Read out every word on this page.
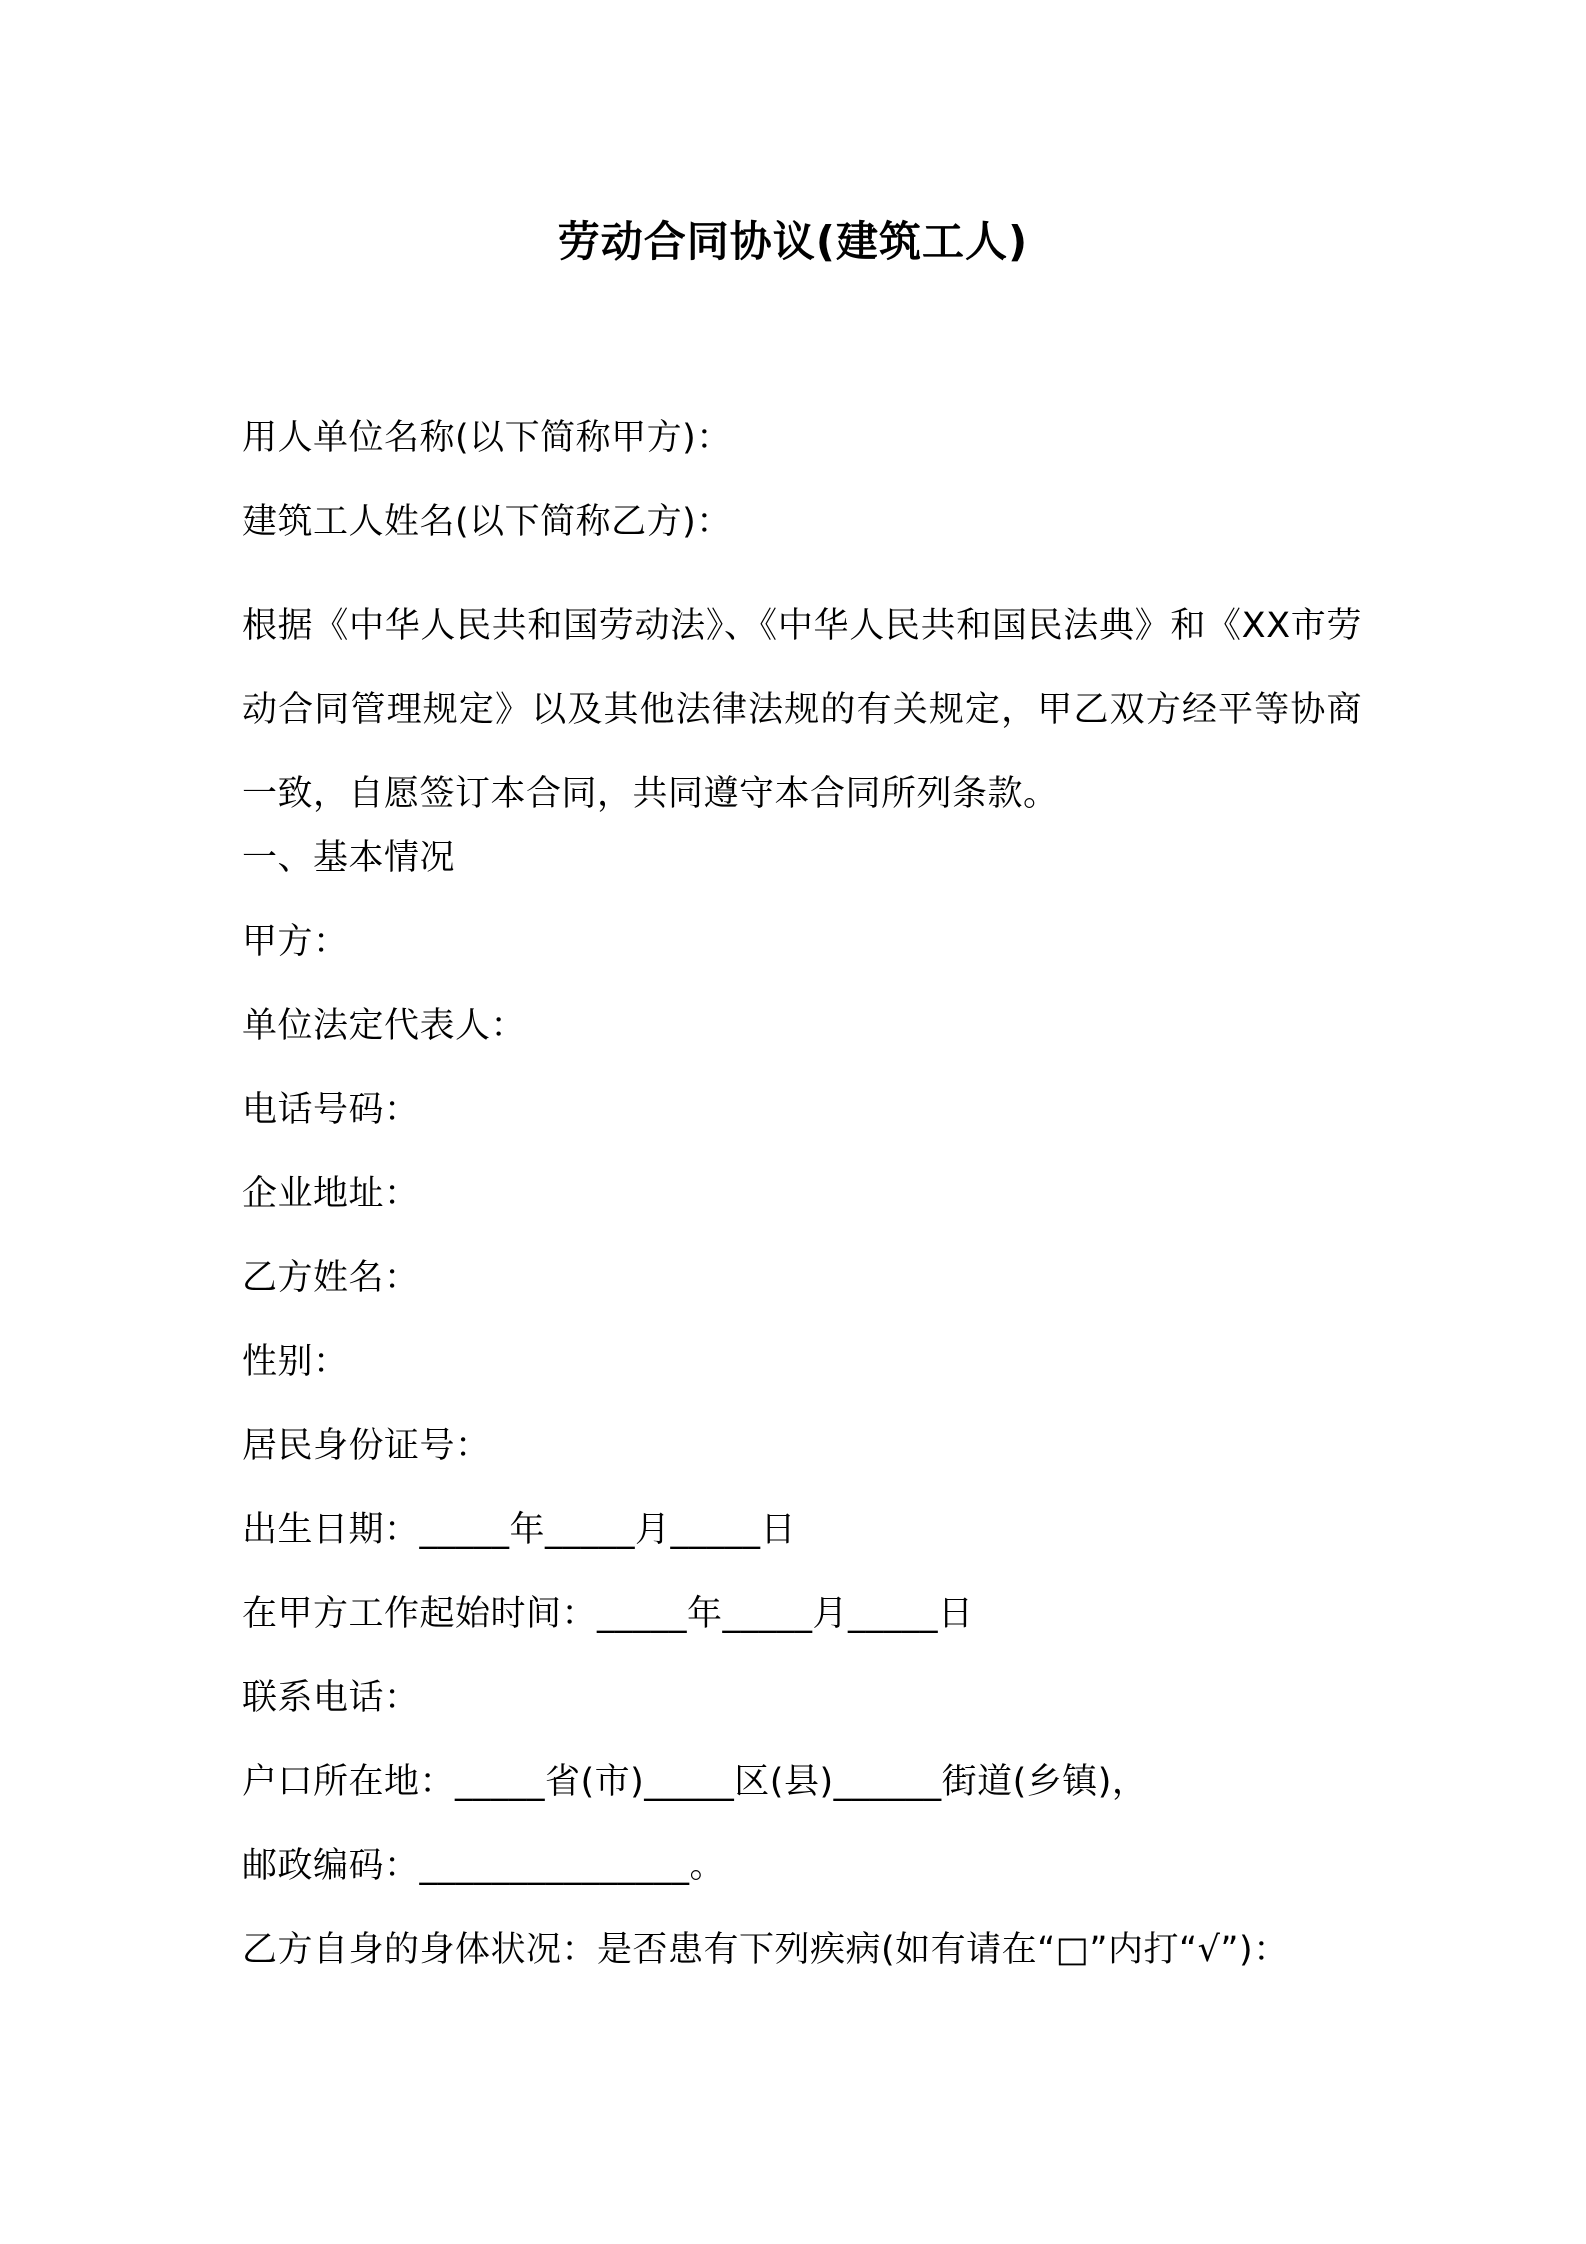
劳动合同协议(建筑工人)
用人单位名称(以下简称甲方)：
建筑工人姓名(以下简称乙方)：
根据《中华人民共和国劳动法》、《中华人民共和国民法典》和《XX市劳动合同管理规定》以及其他法律法规的有关规定，甲乙双方经平等协商一致，自愿签订本合同，共同遵守本合同所列条款。
一、基本情况
甲方：
单位法定代表人：
电话号码：
企业地址：
乙方姓名：
性别：
居民身份证号：
出生日期：_____年_____月_____日
在甲方工作起始时间：_____年_____月_____日
联系电话：
户口所在地：_____省(市)_____区(县)______街道(乡镇)，
邮政编码：_______________。
乙方自身的身体状况：是否患有下列疾病(如有请在“□”内打“√”)：
